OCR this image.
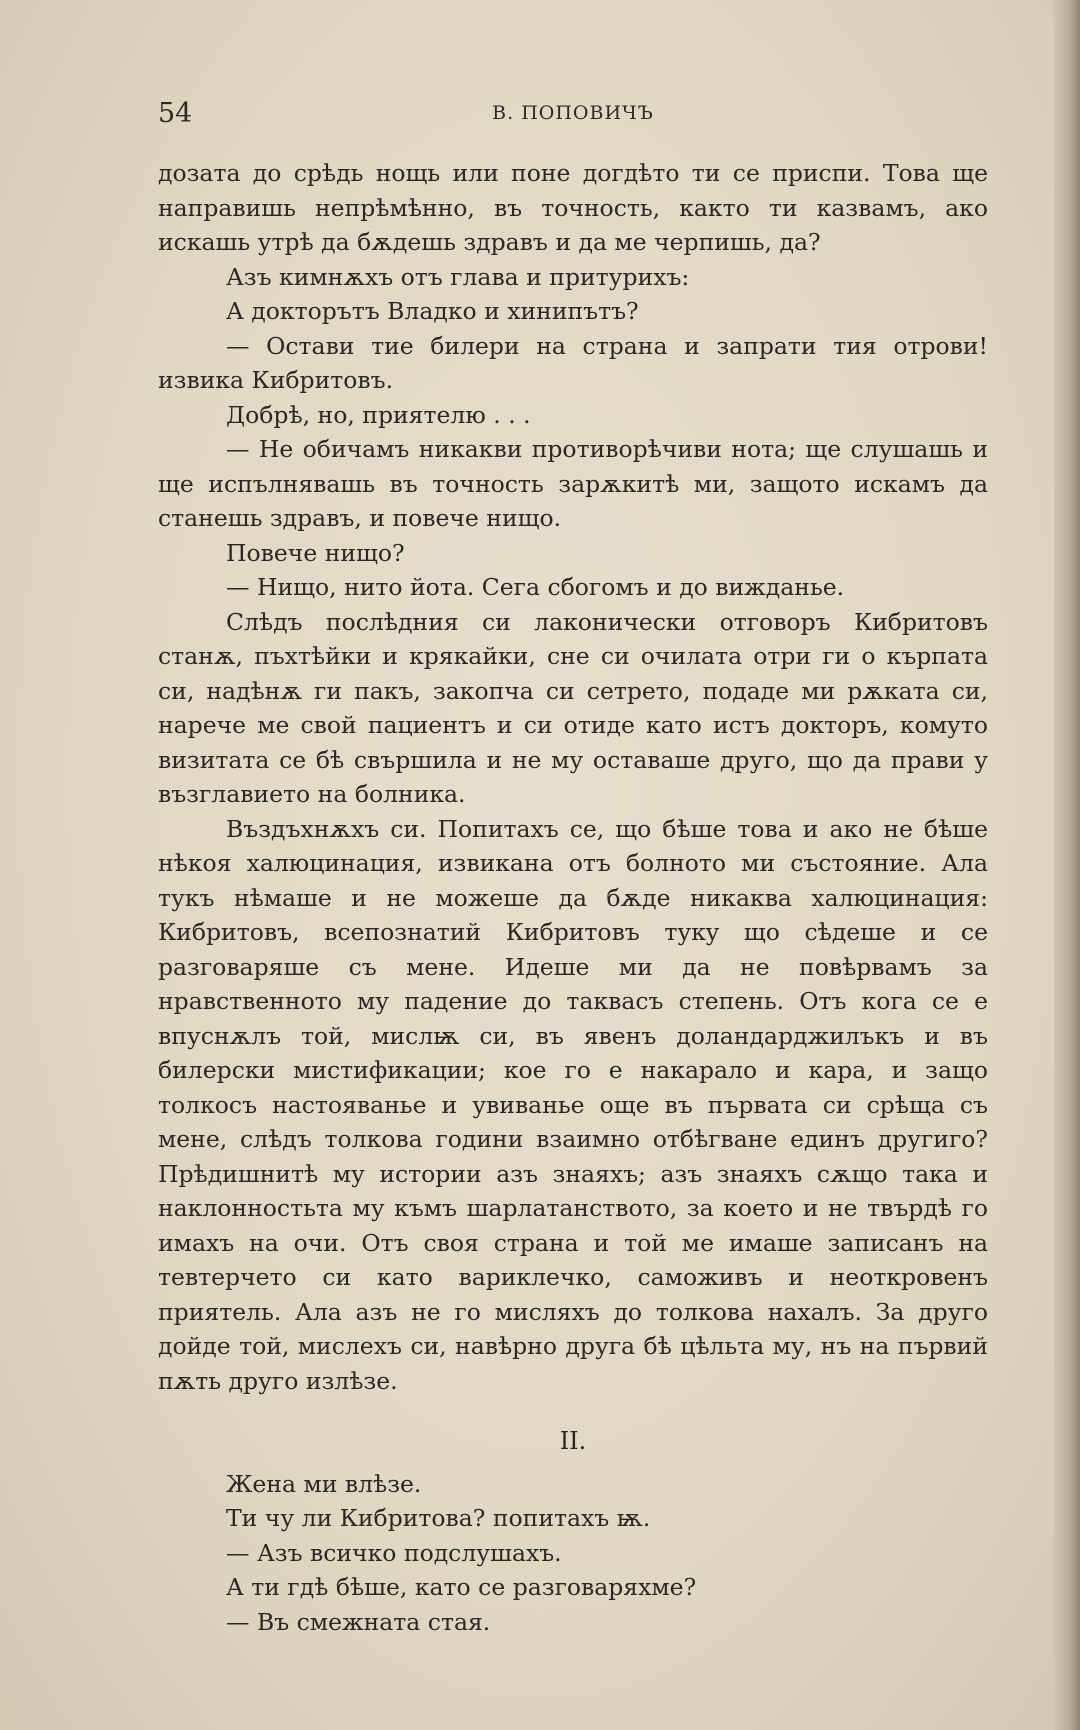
54	В. ПОПОВИЧЪ

дозата до срѣдь нощь или поне догдѣто ти се приспи. Това ще направишь непрѣмѣнно, въ точность, както ти казвамъ, ако искашь утрѣ да бѫдешь здравъ и да ме черпишь, да?

Азъ кимнѫхъ отъ глава и притурихъ:

А докторътъ Владко и хинипътъ?

— Остави тие билери на страна и запрати тия отрови! извика Кибритовъ.

Добрѣ, но, приятелю . . .

— Не обичамъ никакви противорѣчиви нота; ще слушашь и ще испълнявашь въ точность зарѫкитѣ ми, защото искамъ да станешь здравъ, и повече нищо.

Повече нищо?

— Нищо, нито йота. Сега сбогомъ и до вижданье.

Слѣдъ послѣдния си лаконически отговоръ Кибритовъ станѫ, пъхтѣйки и крякайки, сне си очилата отри ги о кърпата си, надѣнѫ ги пакъ, закопча си сетрето, подаде ми рѫката си, нарече ме свой пациентъ и си отиде като истъ докторъ, комуто визитата се бѣ свършила и не му оставаше друго, що да прави у възглавието на болника.

Въздъхнѫхъ си. Попитахъ се, що бѣше това и ако не бѣше нѣкоя халюцинация, извикана отъ болното ми състояние. Ала тукъ нѣмаше и не можеше да бѫде никаква халюцинация: Кибритовъ, всепознатий Кибритовъ тукy що сѣдеше и се разговаряше съ мене. Идеше ми да не повѣрвамъ за нравственното му падение до таквасъ степень. Отъ кога се е впуснѫлъ той, мислѭ си, въ явенъ доландарджилъкъ и въ билерски мистификации; кое го е накарало и кара, и защо толкосъ настояванье и увиванье още въ първата си срѣща съ мене, слѣдъ толкова години взаимно отбѣгване единъ другиго? Прѣдишнитѣ му истории азъ знаяхъ; азъ знаяхъ сѫщо така и наклонностьта му къмъ шарлатанството, за което и не твърдѣ го имахъ на очи. Отъ своя страна и той ме имаше записанъ на тевтерчето си като вариклечко, саможивъ и неоткровенъ приятель. Ала азъ не го мисляхъ до толкова нахалъ. За друго дойде той, мислехъ си, навѣрно друга бѣ цѣльта му, нъ на първий пѫть друго излѣзе.

II.

Жена ми влѣзе.

Ти чу ли Кибритова? попитахъ ѭ.

— Азъ всичко подслушахъ.

А ти гдѣ бѣше, като се разговаряхме?

— Въ смежната стая.
